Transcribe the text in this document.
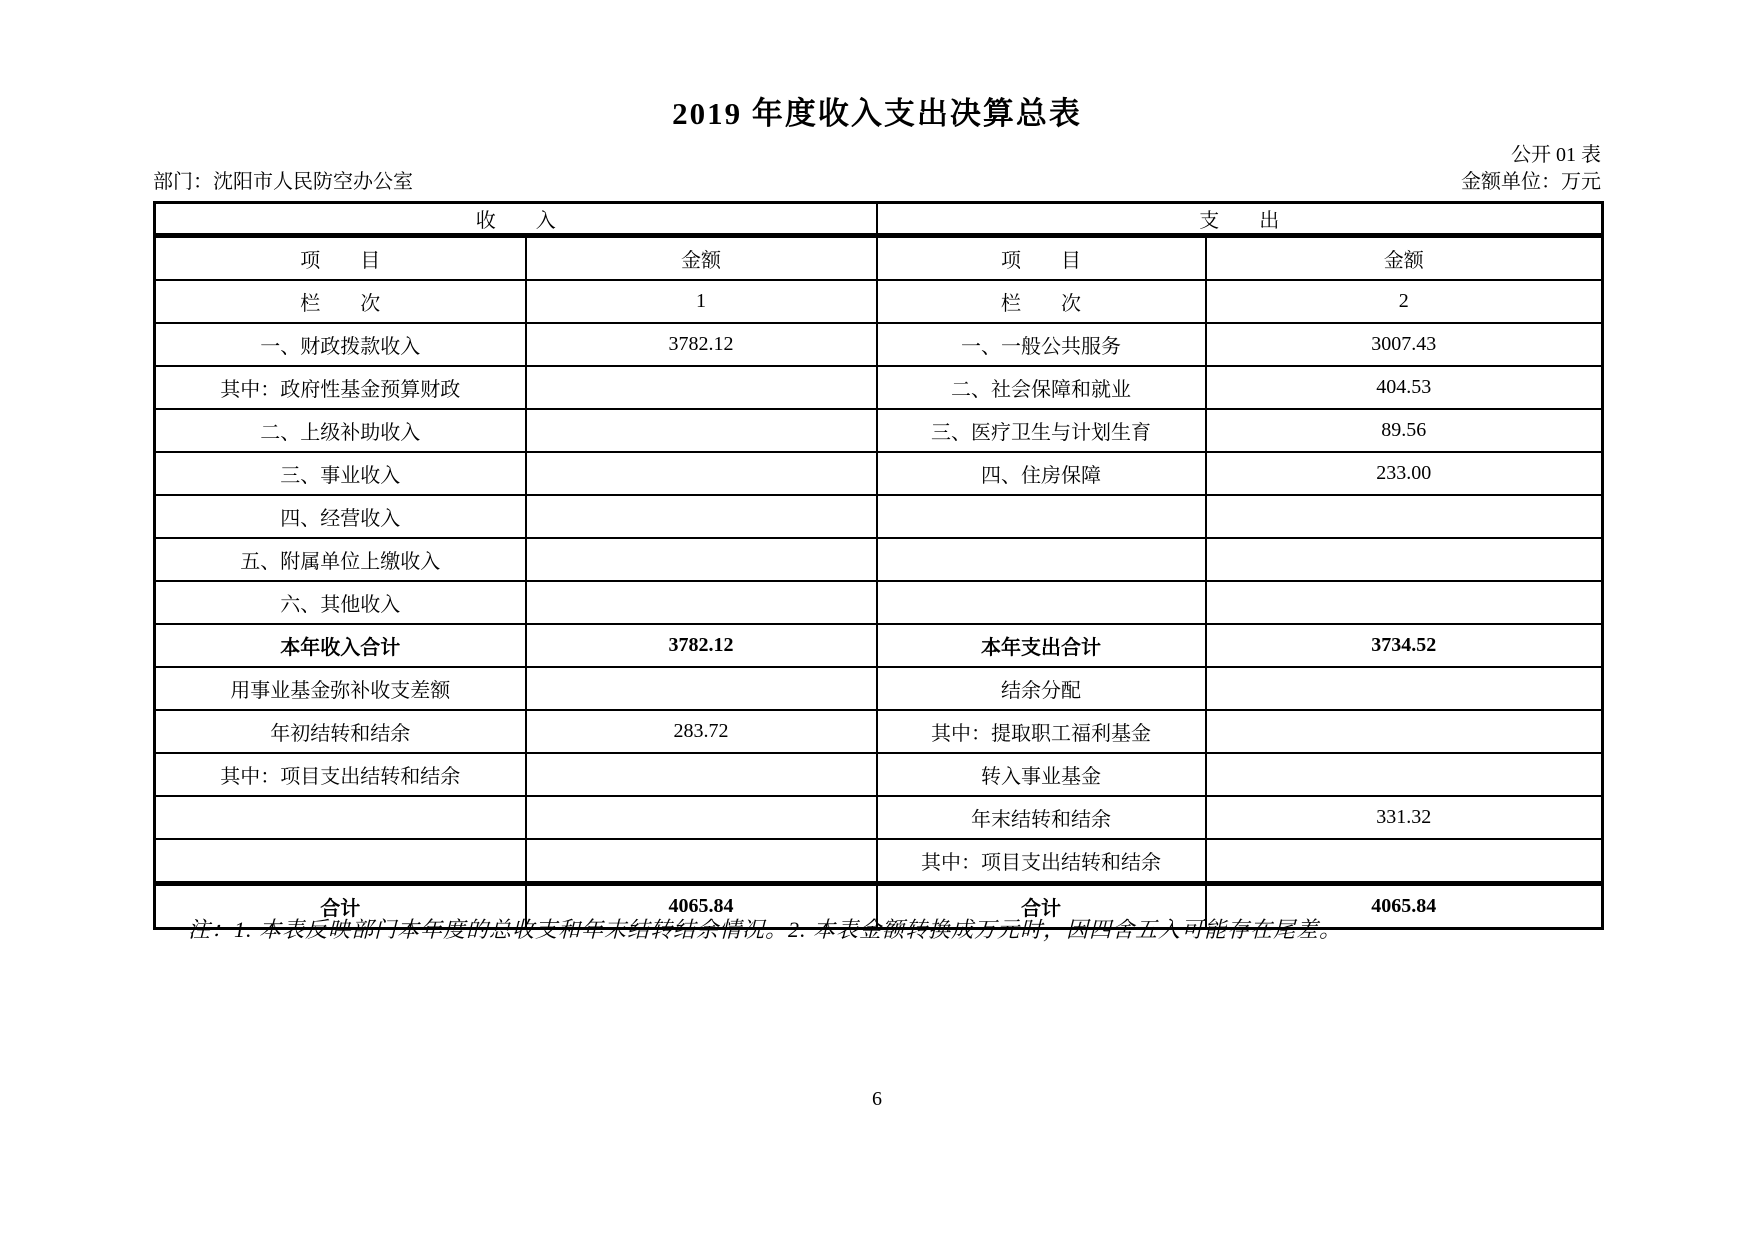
2019 年度收入支出决算总表
公开 01 表
部门：沈阳市人民防空办公室	金额单位：万元
收　　入		支　　出	
项　　目	金额	项　　目	金额
栏　　次	1	栏　　次	2
一、财政拨款收入	3782.12	一、一般公共服务	3007.43
其中：政府性基金预算财政		二、社会保障和就业	404.53
二、上级补助收入		三、医疗卫生与计划生育	89.56
三、事业收入		四、住房保障	233.00
四、经营收入			
五、附属单位上缴收入			
六、其他收入			
本年收入合计	3782.12	本年支出合计	3734.52
用事业基金弥补收支差额		结余分配	
年初结转和结余	283.72	其中：提取职工福利基金	
其中：项目支出结转和结余		转入事业基金	
		年末结转和结余	331.32
		其中：项目支出结转和结余	
合计	4065.84	合计	4065.84
注：1. 本表反映部门本年度的总收支和年末结转结余情况。2. 本表金额转换成万元时，因四舍五入可能存在尾差。
6
